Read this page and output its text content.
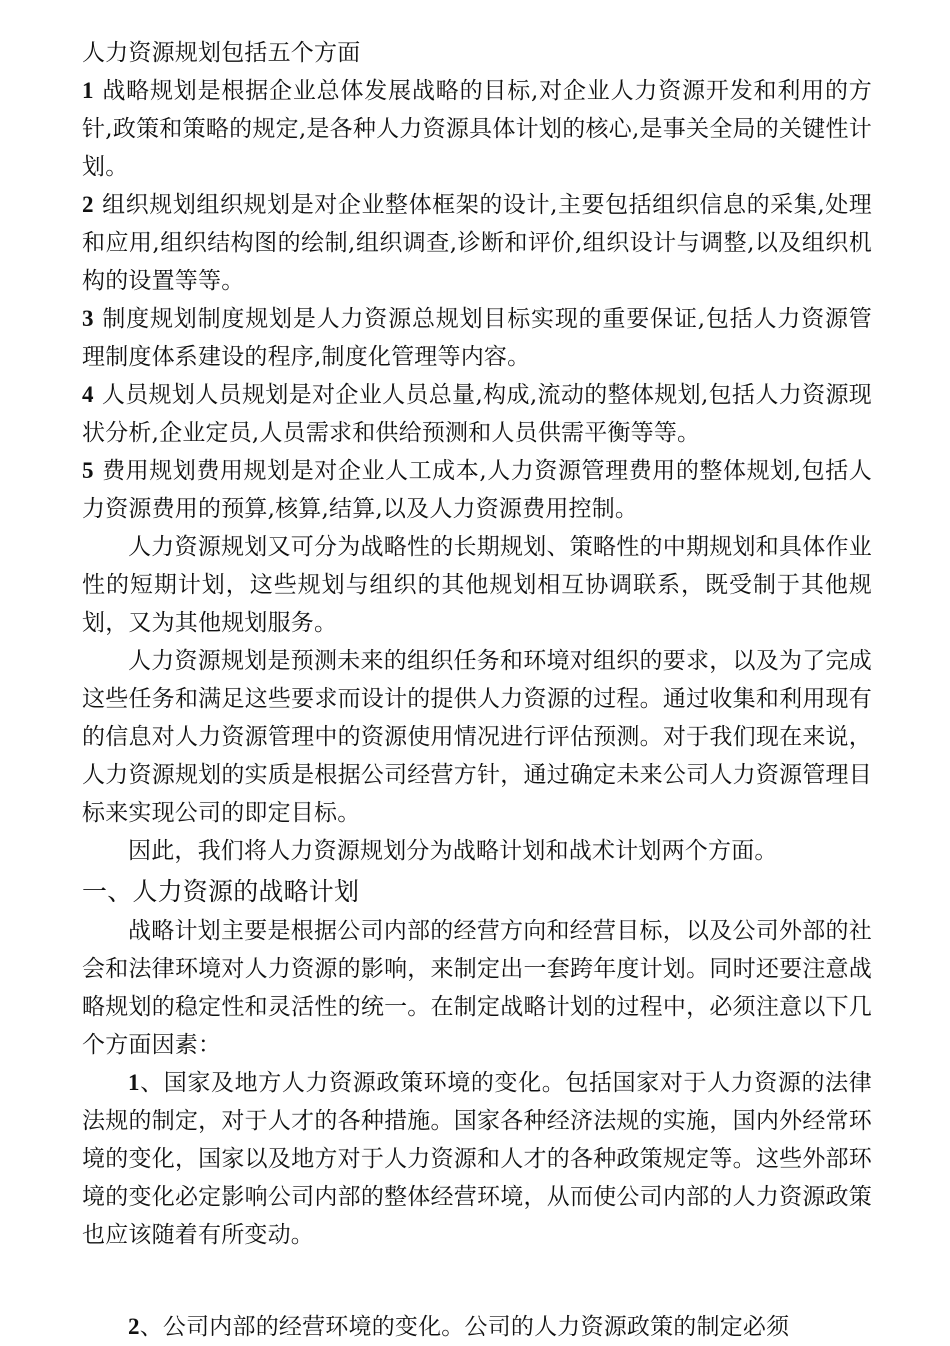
人力资源规划包括五个方面

1 战略规划是根据企业总体发展战略的目标,对企业人力资源开发和利用的方针,政策和策略的规定,是各种人力资源具体计划的核心,是事关全局的关键性计划。

2 组织规划组织规划是对企业整体框架的设计,主要包括组织信息的采集,处理和应用,组织结构图的绘制,组织调查,诊断和评价,组织设计与调整,以及组织机构的设置等等。

3 制度规划制度规划是人力资源总规划目标实现的重要保证,包括人力资源管理制度体系建设的程序,制度化管理等内容。

4 人员规划人员规划是对企业人员总量,构成,流动的整体规划,包括人力资源现状分析,企业定员,人员需求和供给预测和人员供需平衡等等。

5 费用规划费用规划是对企业人工成本,人力资源管理费用的整体规划,包括人力资源费用的预算,核算,结算,以及人力资源费用控制。

人力资源规划又可分为战略性的长期规划、策略性的中期规划和具体作业性的短期计划，这些规划与组织的其他规划相互协调联系，既受制于其他规划，又为其他规划服务。

人力资源规划是预测未来的组织任务和环境对组织的要求，以及为了完成这些任务和满足这些要求而设计的提供人力资源的过程。通过收集和利用现有的信息对人力资源管理中的资源使用情况进行评估预测。对于我们现在来说，人力资源规划的实质是根据公司经营方针，通过确定未来公司人力资源管理目标来实现公司的即定目标。

因此，我们将人力资源规划分为战略计划和战术计划两个方面。

一、人力资源的战略计划

战略计划主要是根据公司内部的经营方向和经营目标，以及公司外部的社会和法律环境对人力资源的影响，来制定出一套跨年度计划。同时还要注意战略规划的稳定性和灵活性的统一。在制定战略计划的过程中，必须注意以下几个方面因素：

1、国家及地方人力资源政策环境的变化。包括国家对于人力资源的法律法规的制定，对于人才的各种措施。国家各种经济法规的实施，国内外经常环境的变化，国家以及地方对于人力资源和人才的各种政策规定等。这些外部环境的变化必定影响公司内部的整体经营环境，从而使公司内部的人力资源政策也应该随着有所变动。

2、公司内部的经营环境的变化。公司的人力资源政策的制定必须
